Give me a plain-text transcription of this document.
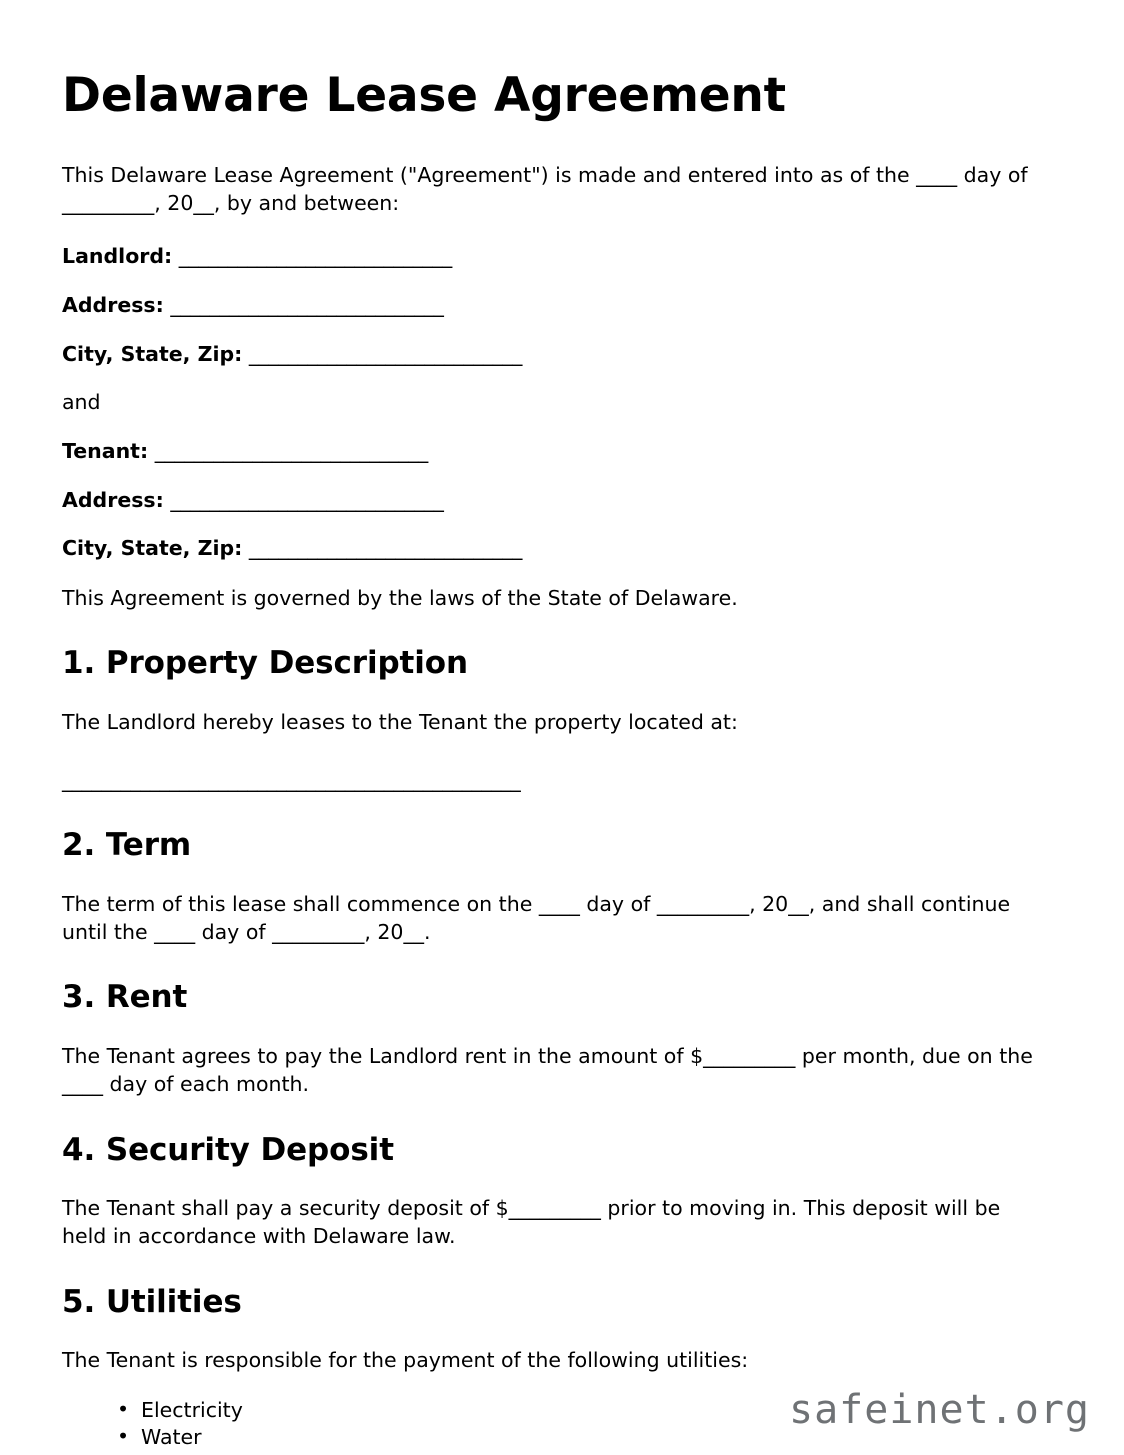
Delaware Lease Agreement

This Delaware Lease Agreement ("Agreement") is made and entered into as of the ____ day of _________, 20__, by and between:

Landlord: ____________________________
Address: ____________________________
City, State, Zip: ____________________________
and
Tenant: ____________________________
Address: ____________________________
City, State, Zip: ____________________________

This Agreement is governed by the laws of the State of Delaware.

1. Property Description

The Landlord hereby leases to the Tenant the property located at:

_______________________________________________
2. Term

The term of this lease shall commence on the ____ day of _________, 20__, and shall continue until the ____ day of _________, 20__.

3. Rent

The Tenant agrees to pay the Landlord rent in the amount of $_________ per month, due on the ____ day of each month.

4. Security Deposit

The Tenant shall pay a security deposit of $_________ prior to moving in. This deposit will be held in accordance with Delaware law.

5. Utilities

The Tenant is responsible for the payment of the following utilities:

• Electricity
• Water
safeinet.org
